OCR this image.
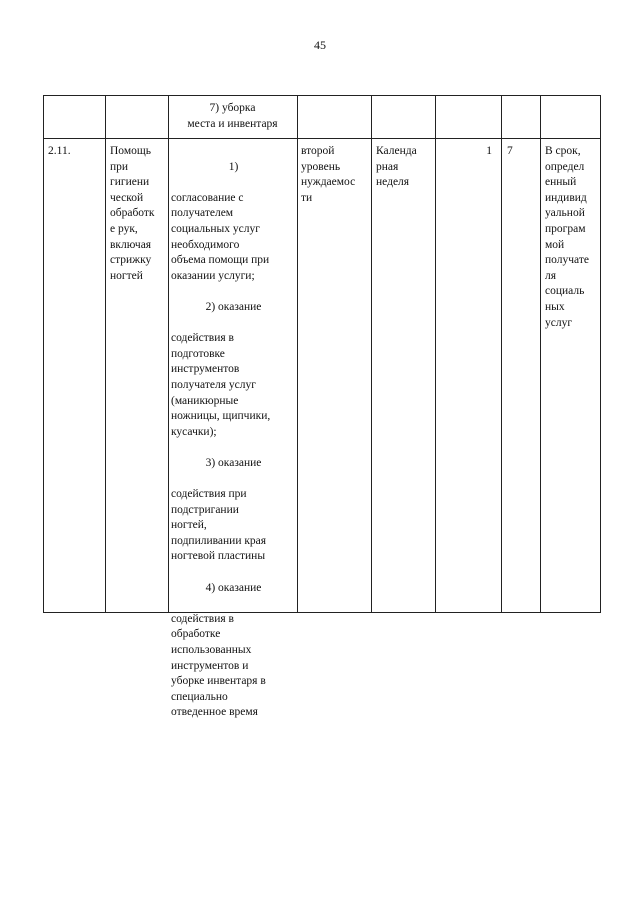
45
7) уборка
места и инвентаря
2.11.	Помощь
при
гигиени
ческой
обработк
е рук,
включая
стрижку
ногтей

1)

согласование с
получателем
социальных услуг
необходимого
объема помощи при
оказании услуги;

2) оказание

содействия в
подготовке
инструментов
получателя услуг
(маникюрные
ножницы, щипчики,
кусачки);

3) оказание

содействия при
подстригании
ногтей,
подпиливании края
ногтевой пластины

4) оказание

содействия в
обработке
использованных
инструментов и
уборке инвентаря в
специально
отведенное время

второй
уровень
нуждаемос
ти
Календа
рная
неделя
1 7	В срок,
определ
енный
индивид
уальной
програм
мой
получате
ля
социаль
ных
услуг
